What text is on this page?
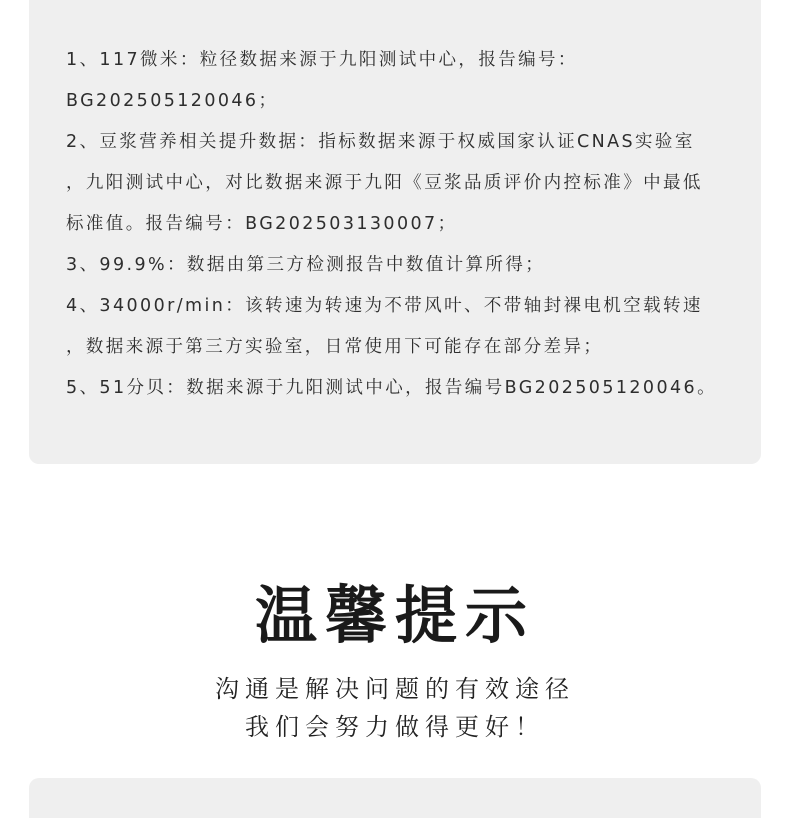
1、117微米：粒径数据来源于九阳测试中心，报告编号：
BG202505120046；
2、豆浆营养相关提升数据：指标数据来源于权威国家认证CNAS实验室
，九阳测试中心，对比数据来源于九阳《豆浆品质评价内控标准》中最低
标准值。报告编号：BG202503130007；
3、99.9%：数据由第三方检测报告中数值计算所得；
4、34000r/min：该转速为转速为不带风叶、不带轴封裸电机空载转速
，数据来源于第三方实验室，日常使用下可能存在部分差异；
5、51分贝：数据来源于九阳测试中心，报告编号BG202505120046。
温馨提示
沟通是解决问题的有效途径
我们会努力做得更好！
